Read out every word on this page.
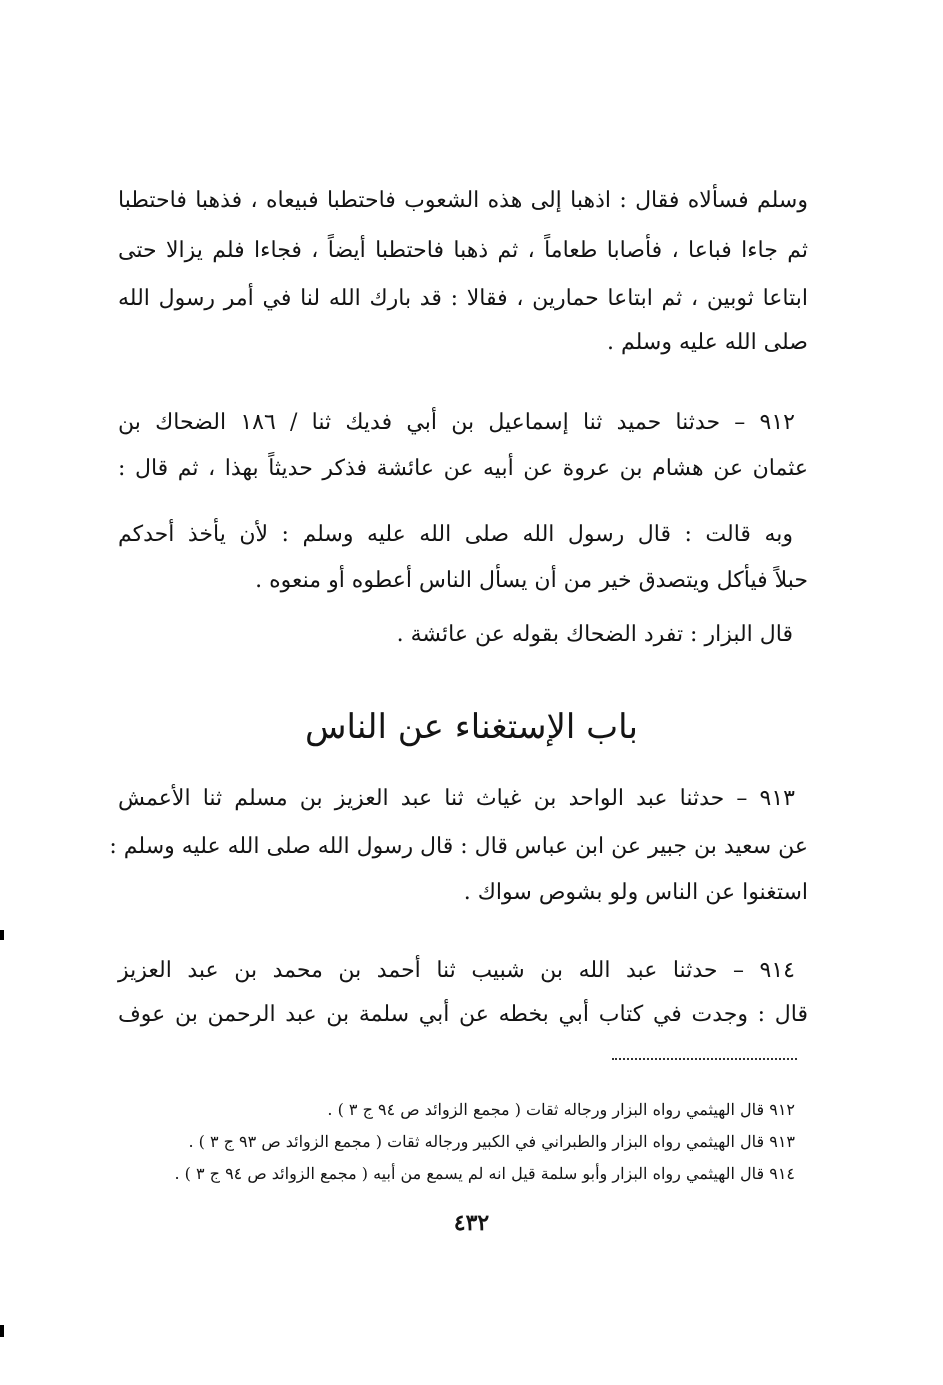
وسلم فسألاه فقال : اذهبا إلى هذه الشعوب فاحتطبا فبيعاه ، فذهبا فاحتطبا
ثم جاءا فباعا ، فأصابا طعاماً ، ثم ذهبا فاحتطبا أيضاً ، فجاءا فلم يزالا حتى
ابتاعا ثوبين ، ثم ابتاعا حمارين ، فقالا : قد بارك الله لنا في أمر رسول الله
صلى الله عليه وسلم .
٩١٢ – حدثنا حميد ثنا إسماعيل بن أبي فديك ثنا / ١٨٦ الضحاك بن
عثمان عن هشام بن عروة عن أبيه عن عائشة فذكر حديثاً بهذا ، ثم قال :
وبه قالت : قال رسول الله صلى الله عليه وسلم : لأن يأخذ أحدكم
حبلاً فيأكل ويتصدق خير من أن يسأل الناس أعطوه أو منعوه .
قال البزار : تفرد الضحاك بقوله عن عائشة .
باب الإستغناء عن الناس
٩١٣ – حدثنا عبد الواحد بن غياث ثنا عبد العزيز بن مسلم ثنا الأعمش
عن سعيد بن جبير عن ابن عباس قال : قال رسول الله صلى الله عليه وسلم :
استغنوا عن الناس ولو بشوص سواك .
٩١٤ – حدثنا عبد الله بن شبيب ثنا أحمد بن محمد بن عبد العزيز
قال : وجدت في كتاب أبي بخطه عن أبي سلمة بن عبد الرحمن بن عوف
٩١٢ قال الهيثمي رواه البزار ورجاله ثقات ( مجمع الزوائد ص ٩٤ ج ٣ ) .
٩١٣ قال الهيثمي رواه البزار والطبراني في الكبير ورجاله ثقات ( مجمع الزوائد ص ٩٣ ج ٣ ) .
٩١٤ قال الهيثمي رواه البزار وأبو سلمة قيل انه لم يسمع من أبيه ( مجمع الزوائد ص ٩٤ ج ٣ ) .
٤٣٢
